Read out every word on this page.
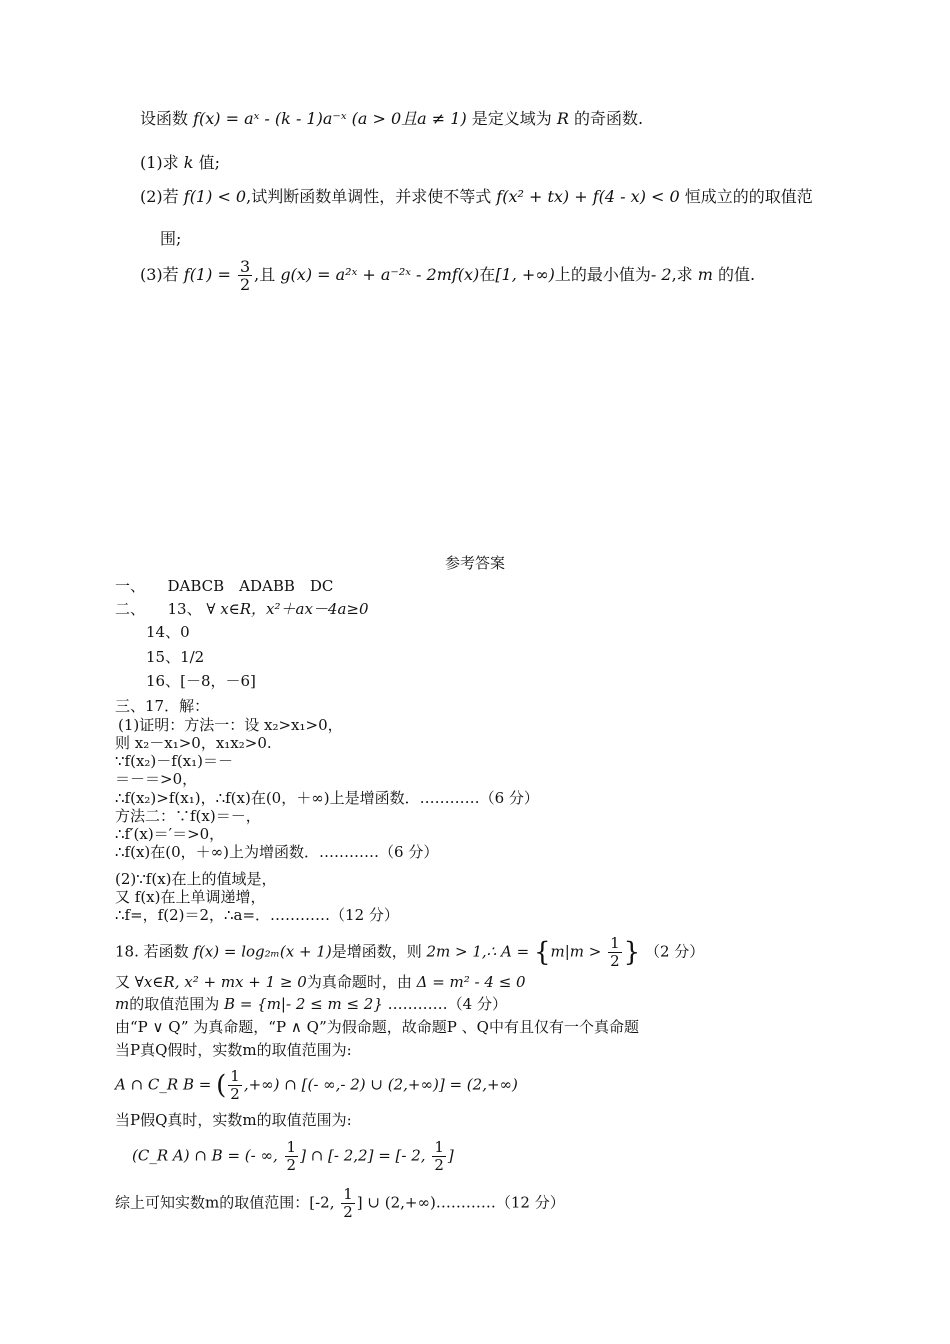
设函数 f(x) = aˣ - (k - 1)a⁻ˣ (a > 0且a ≠ 1) 是定义域为 R 的奇函数.
(1)求 k 值;
(2)若 f(1) < 0,试判断函数单调性，并求使不等式 f(x² + tx) + f(4 - x) < 0 恒成立的的取值范
围;
(3)若 $f(1) = \frac{3}{2}$ ,且 g(x) = a²ˣ + a⁻²ˣ - 2mf(x)在[1, +∞)上的最小值为- 2,求 m 的值.
参考答案
一、　　DABCB　ADABB　DC
二、　　13、 ∀ x∈R，x²＋ax－4a≥0
14、0
15、1/2
16、[－8，－6]
三、17．解：
(1)证明：方法一：设 x₂>x₁>0，
则 x₂－x₁>0，x₁x₂>0.
∵f(x₂)－f(x₁)＝－
＝－＝>0，
∴f(x₂)>f(x₁)，∴f(x)在(0，＋∞)上是增函数．…………（6 分）
方法二：∵f(x)＝－，
∴f′(x)＝′＝>0，
∴f(x)在(0，＋∞)上为增函数．…………（6 分）
(2)∵f(x)在上的值域是，
又 f(x)在上单调递增，
∴f=，f(2)＝2，∴a=．…………（12 分）
18. 若函数 f(x) = log₂ₘ(x + 1)是增函数，则 2m > 1,∴ $A = \{m|m > \frac{1}{2}$ } （2 分）
又 ∀x∈R, x² + mx + 1 ≥ 0为真命题时，由 Δ = m² - 4 ≤ 0
m的取值范围为 B = {m|- 2 ≤ m ≤ 2} …………（4 分）
由“P ∨ Q” 为真命题，“P ∧ Q”为假命题，故命题P 、Q中有且仅有一个真命题
当P真Q假时，实数m的取值范围为:
A ∩ C_R B = ( $\frac{1}{2}$ ,+∞) ∩ [(- ∞,- 2) ∪ (2,+∞)] = (2,+∞)
当P假Q真时，实数m的取值范围为:
(C_R A) ∩ B = (- ∞, $\frac{1}{2}$ ] ∩ [- 2,2] = [- 2, $\frac{1}{2}$ ]
综上可知实数m的取值范围：[-2, $\frac{1}{2}$ ] ∪ (2,+∞)…………（12 分）
